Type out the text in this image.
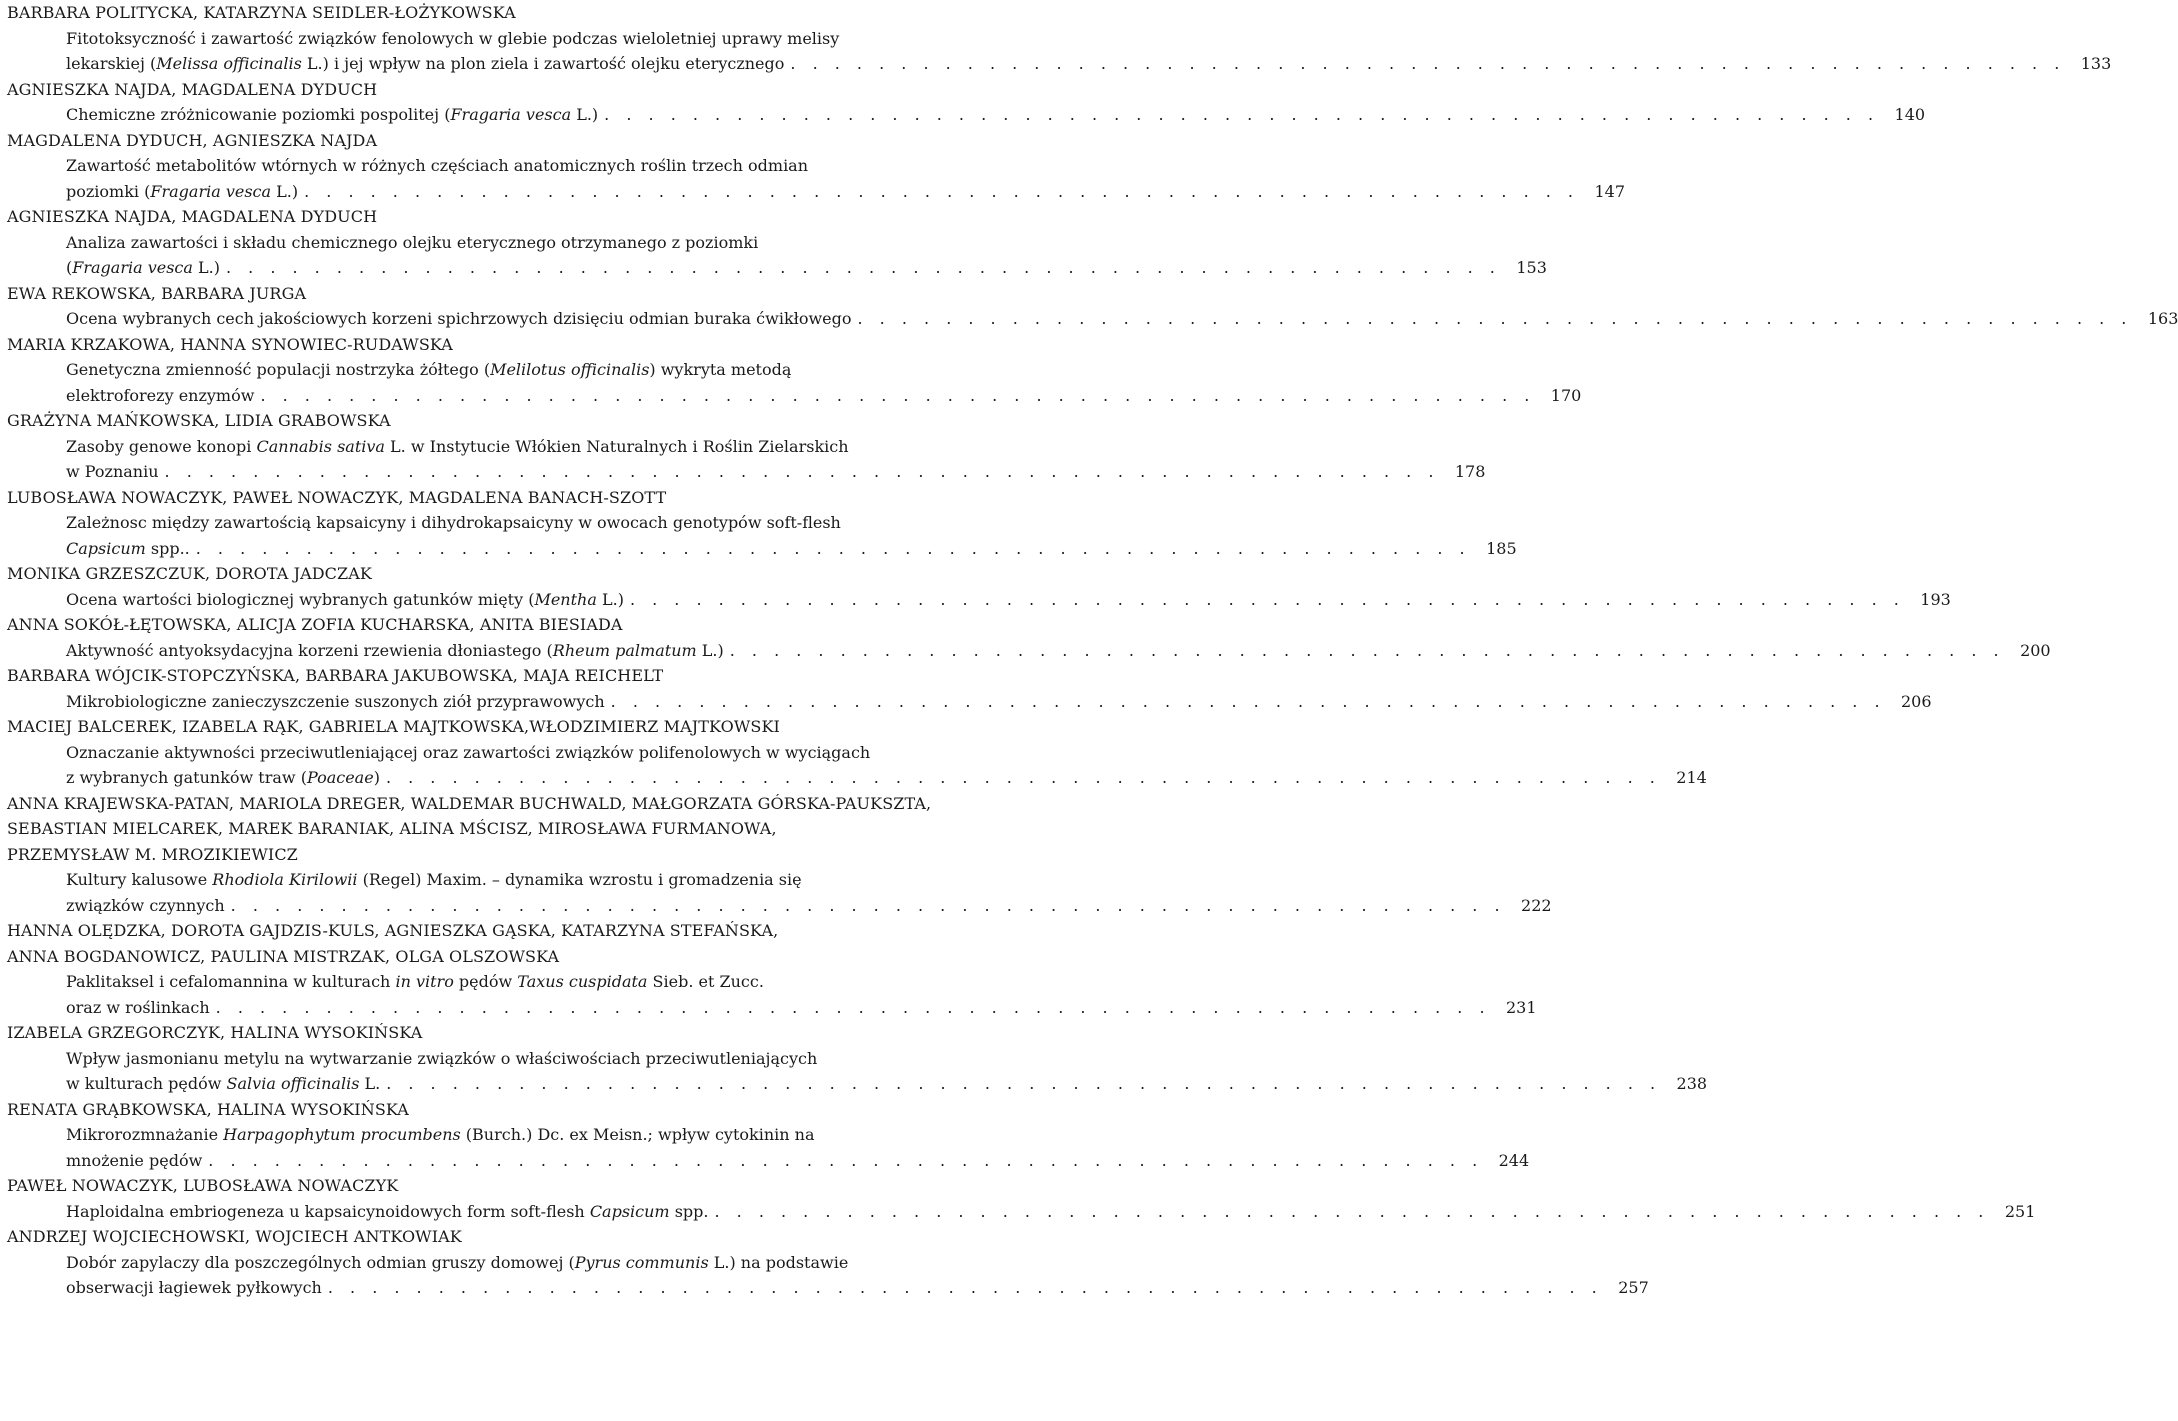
BARBARA POLITYCKA, KATARZYNA SEIDLER-ŁOŻYKOWSKA
Fitotoksyczność i zawartość związków fenolowych w glebie podczas wieloletniej uprawy melisy
lekarskiej (Melissa officinalis L.) i jej wpływ na plon ziela i zawartość olejku eterycznego . . . . . . . . . . . . . . . . . . . . . . . . . . . . . . . . . . . . . . . . . . . . . . . . . . . . . . . . . . 133
AGNIESZKA NAJDA, MAGDALENA DYDUCH
Chemiczne zróżnicowanie poziomki pospolitej (Fragaria vesca L.) . . . . . . . . . . . . . . . . . . . . . . . . . . . . . . . . . . . . . . . . . . . . . . . . . . . . . . . . . . 140
MAGDALENA DYDUCH, AGNIESZKA NAJDA
Zawartość metabolitów wtórnych w różnych częściach anatomicznych roślin trzech odmian
poziomki (Fragaria vesca L.) . . . . . . . . . . . . . . . . . . . . . . . . . . . . . . . . . . . . . . . . . . . . . . . . . . . . . . . . . . 147
AGNIESZKA NAJDA, MAGDALENA DYDUCH
Analiza zawartości i składu chemicznego olejku eterycznego otrzymanego z poziomki
(Fragaria vesca L.) . . . . . . . . . . . . . . . . . . . . . . . . . . . . . . . . . . . . . . . . . . . . . . . . . . . . . . . . . . 153
EWA REKOWSKA, BARBARA JURGA
Ocena wybranych cech jakościowych korzeni spichrzowych dzisięciu odmian buraka ćwikłowego . . . . . . . . . . . . . . . . . . . . . . . . . . . . . . . . . . . . . . . . . . . . . . . . . . . . . . . . . . 163
MARIA KRZAKOWA, HANNA SYNOWIEC-RUDAWSKA
Genetyczna zmienność populacji nostrzyka żółtego (Melilotus officinalis) wykryta metodą
elektroforezy enzymów . . . . . . . . . . . . . . . . . . . . . . . . . . . . . . . . . . . . . . . . . . . . . . . . . . . . . . . . . . 170
GRAŻYNA MAŃKOWSKA, LIDIA GRABOWSKA
Zasoby genowe konopi Cannabis sativa L. w Instytucie Włókien Naturalnych i Roślin Zielarskich
w Poznaniu . . . . . . . . . . . . . . . . . . . . . . . . . . . . . . . . . . . . . . . . . . . . . . . . . . . . . . . . . . 178
LUBOSŁAWA NOWACZYK, PAWEŁ NOWACZYK, MAGDALENA BANACH-SZOTT
Zależnosc między zawartością kapsaicyny i dihydrokapsaicyny w owocach genotypów soft-flesh
Capsicum spp.. . . . . . . . . . . . . . . . . . . . . . . . . . . . . . . . . . . . . . . . . . . . . . . . . . . . . . . . . . . 185
MONIKA GRZESZCZUK, DOROTA JADCZAK
Ocena wartości biologicznej wybranych gatunków mięty (Mentha L.) . . . . . . . . . . . . . . . . . . . . . . . . . . . . . . . . . . . . . . . . . . . . . . . . . . . . . . . . . . 193
ANNA SOKÓŁ-ŁĘTOWSKA, ALICJA ZOFIA KUCHARSKA, ANITA BIESIADA
Aktywność antyoksydacyjna korzeni rzewienia dłoniastego (Rheum palmatum L.) . . . . . . . . . . . . . . . . . . . . . . . . . . . . . . . . . . . . . . . . . . . . . . . . . . . . . . . . . . 200
BARBARA WÓJCIK-STOPCZYŃSKA, BARBARA JAKUBOWSKA, MAJA REICHELT
Mikrobiologiczne zanieczyszczenie suszonych ziół przyprawowych . . . . . . . . . . . . . . . . . . . . . . . . . . . . . . . . . . . . . . . . . . . . . . . . . . . . . . . . . . 206
MACIEJ BALCEREK, IZABELA RĄK, GABRIELA MAJTKOWSKA,WŁODZIMIERZ MAJTKOWSKI
Oznaczanie aktywności przeciwutleniającej oraz zawartości związków polifenolowych w wyciągach
z wybranych gatunków traw (Poaceae) . . . . . . . . . . . . . . . . . . . . . . . . . . . . . . . . . . . . . . . . . . . . . . . . . . . . . . . . . . 214
ANNA KRAJEWSKA-PATAN, MARIOLA DREGER, WALDEMAR BUCHWALD, MAŁGORZATA GÓRSKA-PAUKSZTA,
SEBASTIAN MIELCAREK, MAREK BARANIAK, ALINA MŚCISZ, MIROSŁAWA FURMANOWA,
PRZEMYSŁAW M. MROZIKIEWICZ
Kultury kalusowe Rhodiola Kirilowii (Regel) Maxim. – dynamika wzrostu i gromadzenia się
związków czynnych . . . . . . . . . . . . . . . . . . . . . . . . . . . . . . . . . . . . . . . . . . . . . . . . . . . . . . . . . . 222
HANNA OLĘDZKA, DOROTA GAJDZIS-KULS, AGNIESZKA GĄSKA, KATARZYNA STEFAŃSKA,
ANNA BOGDANOWICZ, PAULINA MISTRZAK, OLGA OLSZOWSKA
Paklitaksel i cefalomannina w kulturach in vitro pędów Taxus cuspidata Sieb. et Zucc.
oraz w roślinkach . . . . . . . . . . . . . . . . . . . . . . . . . . . . . . . . . . . . . . . . . . . . . . . . . . . . . . . . . . 231
IZABELA GRZEGORCZYK, HALINA WYSOKIŃSKA
Wpływ jasmonianu metylu na wytwarzanie związków o właściwościach przeciwutleniających
w kulturach pędów Salvia officinalis L. . . . . . . . . . . . . . . . . . . . . . . . . . . . . . . . . . . . . . . . . . . . . . . . . . . . . . . . . . . 238
RENATA GRĄBKOWSKA, HALINA WYSOKIŃSKA
Mikrorozmnażanie Harpagophytum procumbens (Burch.) Dc. ex Meisn.; wpływ cytokinin na
mnożenie pędów . . . . . . . . . . . . . . . . . . . . . . . . . . . . . . . . . . . . . . . . . . . . . . . . . . . . . . . . . . 244
PAWEŁ NOWACZYK, LUBOSŁAWA NOWACZYK
Haploidalna embriogeneza u kapsaicynoidowych form soft-flesh Capsicum spp. . . . . . . . . . . . . . . . . . . . . . . . . . . . . . . . . . . . . . . . . . . . . . . . . . . . . . . . . . . 251
ANDRZEJ WOJCIECHOWSKI, WOJCIECH ANTKOWIAK
Dobór zapylaczy dla poszczególnych odmian gruszy domowej (Pyrus communis L.) na podstawie
obserwacji łagiewek pyłkowych . . . . . . . . . . . . . . . . . . . . . . . . . . . . . . . . . . . . . . . . . . . . . . . . . . . . . . . . . . 257
